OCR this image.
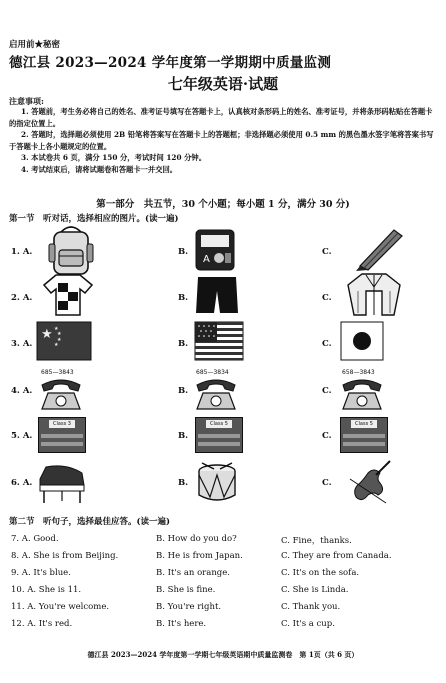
启用前★秘密
德江县 2023—2024 学年度第一学期期中质量监测
七年级英语·试题
注意事项:

1. 答题前，考生务必将自己的姓名、准考证号填写在答题卡上，认真核对条形码上的姓名、准考证号，并将条形码粘贴在答题卡的指定位置上。

2. 答题时，选择题必须使用 2B 铅笔将答案写在答题卡上的答题框；非选择题必须使用 0.5 mm 的黑色墨水签字笔将答案书写于答题卡上各小题规定的位置。

3. 本试卷共 6 页，满分 150 分，考试时间 120 分钟。

4. 考试结束后，请将试题卷和答题卡一并交回。

第一部分　共五节，30 个小题；每小题 1 分，满分 30 分)
第一节　听对话，选择相应的图片。(读一遍)
1. A.	B.	C.
A
2. A.	B.	C.
3. A.	B.	C.
★ ★
★
★
★
4. A.	B.	C.
685—3843	685—3834	658—3843
5. A.	B.	C.
Class 3	Class 5	Class 5
6. A.	B.	C.
第二节　听句子，选择最佳应答。(读一遍)
7. A. Good.	B. How do you do?	C. Fine，thanks.
8. A. She is from Beijing.	B. He is from Japan.	C. They are from Canada.
9. A. It's blue.	B. It's an orange.	C. It's on the sofa.
10. A. She is 11.	B. She is fine.	C. She is Linda.
11. A. You're welcome.	B. You're right.	C. Thank you.
12. A. It's red.	B. It's here.	C. It's a cup.
德江县 2023—2024 学年度第一学期七年级英语期中质量监测卷　第 1页（共 6 页）
